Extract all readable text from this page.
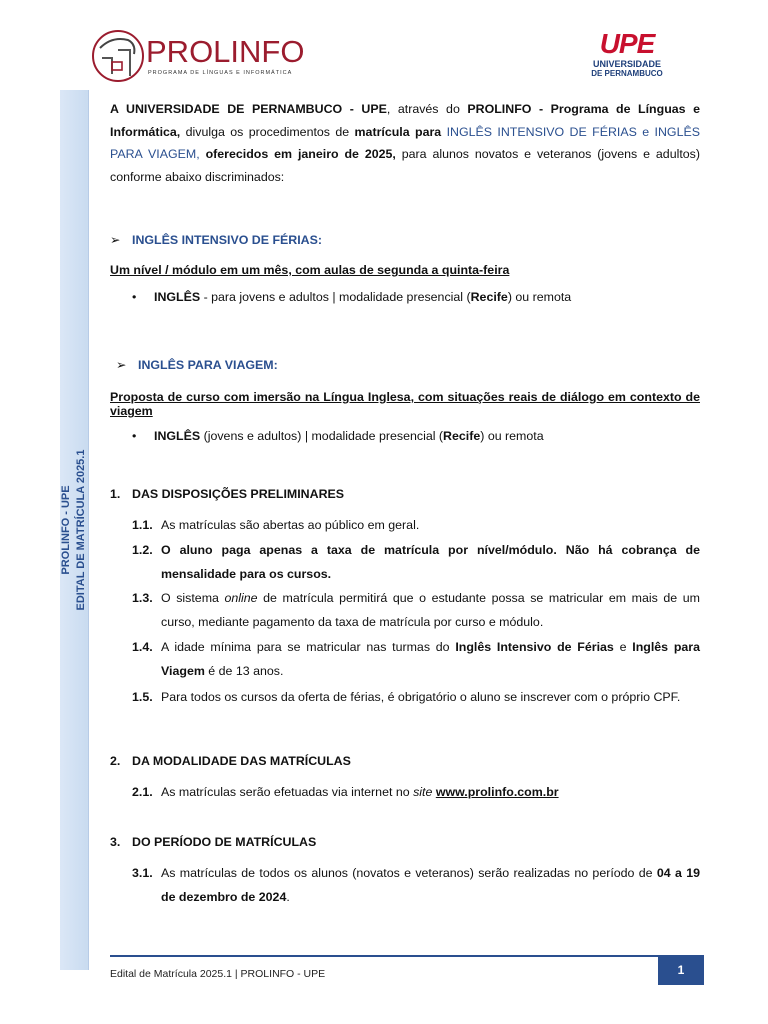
PROLINFO
PROGRAMA DE LÍNGUAS E INFORMÁTICA
UPE
UNIVERSIDADE
DE PERNAMBUCO
PROLINFO - UPE EDITAL DE MATRÍCULA 2025.1
A UNIVERSIDADE DE PERNAMBUCO - UPE, através do PROLINFO - Programa de Línguas e Informática, divulga os procedimentos de matrícula para INGLÊS INTENSIVO DE FÉRIAS e INGLÊS PARA VIAGEM, oferecidos em janeiro de 2025, para alunos novatos e veteranos (jovens e adultos) conforme abaixo discriminados:
➢ INGLÊS INTENSIVO DE FÉRIAS:
Um nível / módulo em um mês, com aulas de segunda a quinta-feira
• INGLÊS - para jovens e adultos | modalidade presencial (Recife) ou remota
➢ INGLÊS PARA VIAGEM:
Proposta de curso com imersão na Língua Inglesa, com situações reais de diálogo em contexto de viagem
• INGLÊS (jovens e adultos) | modalidade presencial (Recife) ou remota
1. DAS DISPOSIÇÕES PRELIMINARES
1.1. As matrículas são abertas ao público em geral.
1.2. O aluno paga apenas a taxa de matrícula por nível/módulo. Não há cobrança de mensalidade para os cursos.
1.3. O sistema online de matrícula permitirá que o estudante possa se matricular em mais de um curso, mediante pagamento da taxa de matrícula por curso e módulo.
1.4. A idade mínima para se matricular nas turmas do Inglês Intensivo de Férias e Inglês para Viagem é de 13 anos.
1.5. Para todos os cursos da oferta de férias, é obrigatório o aluno se inscrever com o próprio CPF.
2. DA MODALIDADE DAS MATRÍCULAS
2.1. As matrículas serão efetuadas via internet no site www.prolinfo.com.br
3. DO PERÍODO DE MATRÍCULAS
3.1. As matrículas de todos os alunos (novatos e veteranos) serão realizadas no período de 04 a 19 de dezembro de 2024.
Edital de Matrícula 2025.1 | PROLINFO - UPE	1
